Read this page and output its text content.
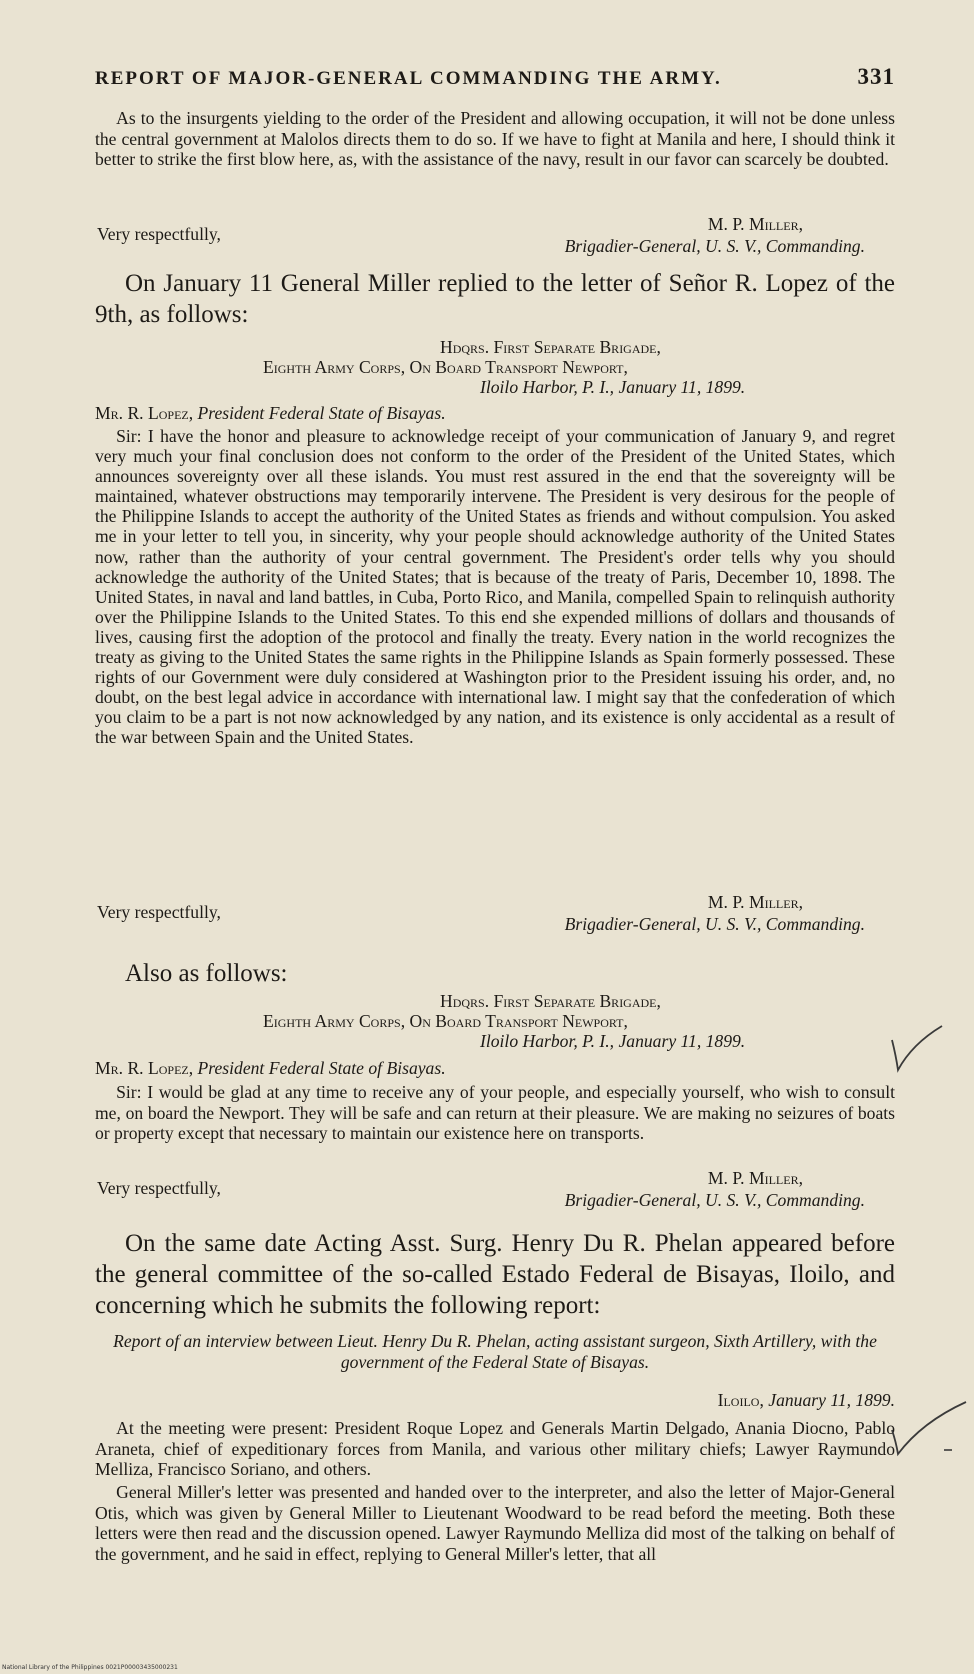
REPORT OF MAJOR-GENERAL COMMANDING THE ARMY.	331
As to the insurgents yielding to the order of the President and allowing occupation, it will not be done unless the central government at Malolos directs them to do so. If we have to fight at Manila and here, I should think it better to strike the first blow here, as, with the assistance of the navy, result in our favor can scarcely be doubted.
Very respectfully,	M. P. Miller,
Brigadier-General, U. S. V., Commanding.
On January 11 General Miller replied to the letter of Señor R. Lopez of the 9th, as follows:
Hdqrs. First Separate Brigade,
Eighth Army Corps, On Board Transport Newport,
Iloilo Harbor, P. I., January 11, 1899.
Mr. R. Lopez, President Federal State of Bisayas.
Sir: I have the honor and pleasure to acknowledge receipt of your communication of January 9, and regret very much your final conclusion does not conform to the order of the President of the United States, which announces sovereignty over all these islands. You must rest assured in the end that the sovereignty will be maintained, whatever obstructions may temporarily intervene. The President is very desirous for the people of the Philippine Islands to accept the authority of the United States as friends and without compulsion. You asked me in your letter to tell you, in sincerity, why your people should acknowledge authority of the United States now, rather than the authority of your central government. The President's order tells why you should acknowledge the authority of the United States; that is because of the treaty of Paris, December 10, 1898. The United States, in naval and land battles, in Cuba, Porto Rico, and Manila, compelled Spain to relinquish authority over the Philippine Islands to the United States. To this end she expended millions of dollars and thousands of lives, causing first the adoption of the protocol and finally the treaty. Every nation in the world recognizes the treaty as giving to the United States the same rights in the Philippine Islands as Spain formerly possessed. These rights of our Government were duly considered at Washington prior to the President issuing his order, and, no doubt, on the best legal advice in accordance with international law. I might say that the confederation of which you claim to be a part is not now acknowledged by any nation, and its existence is only accidental as a result of the war between Spain and the United States.
Very respectfully,	M. P. Miller,
Brigadier-General, U. S. V., Commanding.
Also as follows:
Hdqrs. First Separate Brigade,
Eighth Army Corps, On Board Transport Newport,
Iloilo Harbor, P. I., January 11, 1899.
Mr. R. Lopez, President Federal State of Bisayas.
Sir: I would be glad at any time to receive any of your people, and especially yourself, who wish to consult me, on board the Newport. They will be safe and can return at their pleasure. We are making no seizures of boats or property except that necessary to maintain our existence here on transports.
Very respectfully,	M. P. Miller,
Brigadier-General, U. S. V., Commanding.
On the same date Acting Asst. Surg. Henry Du R. Phelan appeared before the general committee of the so-called Estado Federal de Bisayas, Iloilo, and concerning which he submits the following report:
Report of an interview between Lieut. Henry Du R. Phelan, acting assistant surgeon, Sixth Artillery, with the government of the Federal State of Bisayas.
Iloilo, January 11, 1899.
At the meeting were present: President Roque Lopez and Generals Martin Delgado, Anania Diocno, Pablo Araneta, chief of expeditionary forces from Manila, and various other military chiefs; Lawyer Raymundo Melliza, Francisco Soriano, and others.
General Miller's letter was presented and handed over to the interpreter, and also the letter of Major-General Otis, which was given by General Miller to Lieutenant Woodward to be read beford the meeting. Both these letters were then read and the discussion opened. Lawyer Raymundo Melliza did most of the talking on behalf of the government, and he said in effect, replying to General Miller's letter, that all
National Library of the Philippines 0021P00003435000231
